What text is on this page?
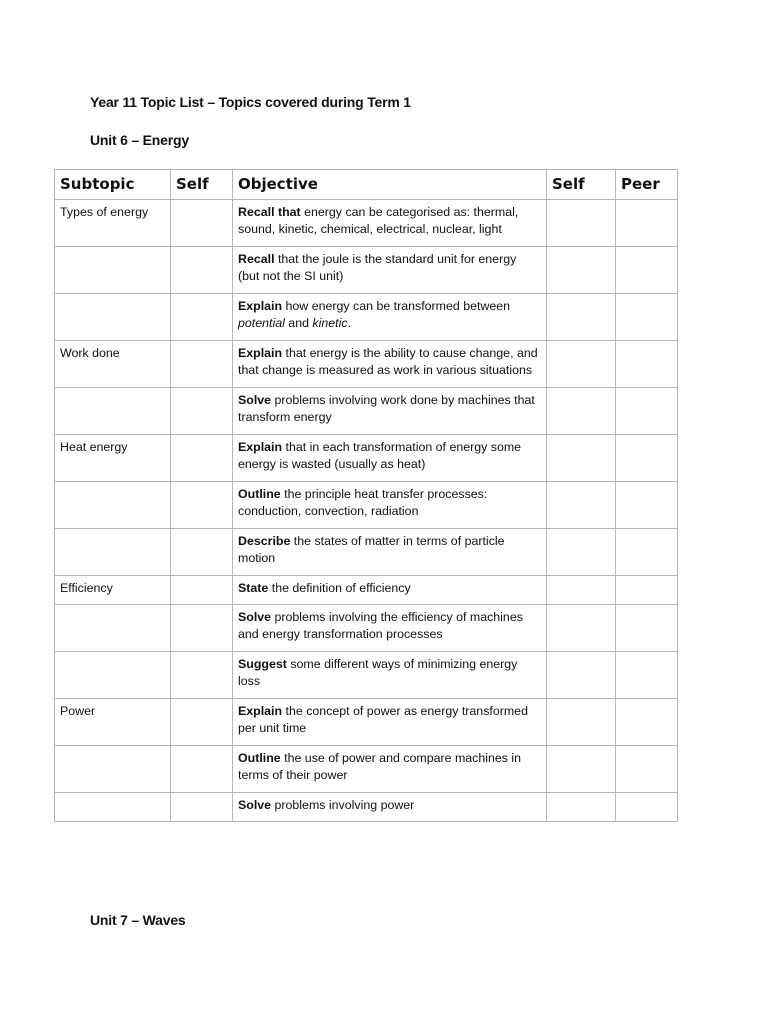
Year 11 Topic List – Topics covered during Term 1
Unit 6 – Energy
Subtopic	Self	Objective	Self	Peer
Types of energy		Recall that energy can be categorised as: thermal, sound, kinetic, chemical, electrical, nuclear, light		
		Recall that the joule is the standard unit for energy (but not the SI unit)		
		Explain how energy can be transformed between potential and kinetic.		
Work done		Explain that energy is the ability to cause change, and that change is measured as work in various situations		
		Solve problems involving work done by machines that transform energy		
Heat energy		Explain that in each transformation of energy some energy is wasted (usually as heat)		
		Outline the principle heat transfer processes: conduction, convection, radiation		
		Describe the states of matter in terms of particle motion		
Efficiency		State the definition of efficiency		
		Solve problems involving the efficiency of machines and energy transformation processes		
		Suggest some different ways of minimizing energy loss		
Power		Explain the concept of power as energy transformed per unit time		
		Outline the use of power and compare machines in terms of their power		
		Solve problems involving power		
Unit 7 – Waves
